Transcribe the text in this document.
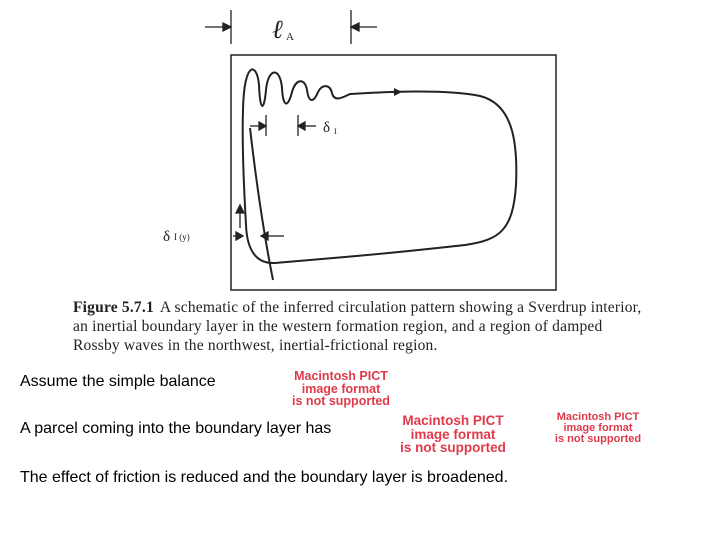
ℓ A
δ I
δ I (y)
Figure 5.7.1 A schematic of the inferred circulation pattern showing a Sverdrup interior, an inertial boundary layer in the western formation region, and a region of damped Rossby waves in the northwest, inertial-frictional region.
Assume the simple balance	Macintosh PICT
image format
is not supported
A parcel coming into the boundary layer has	Macintosh PICT
image format
is not supported
Macintosh PICT
image format
is not supported
The effect of friction is reduced and the boundary layer is broadened.
